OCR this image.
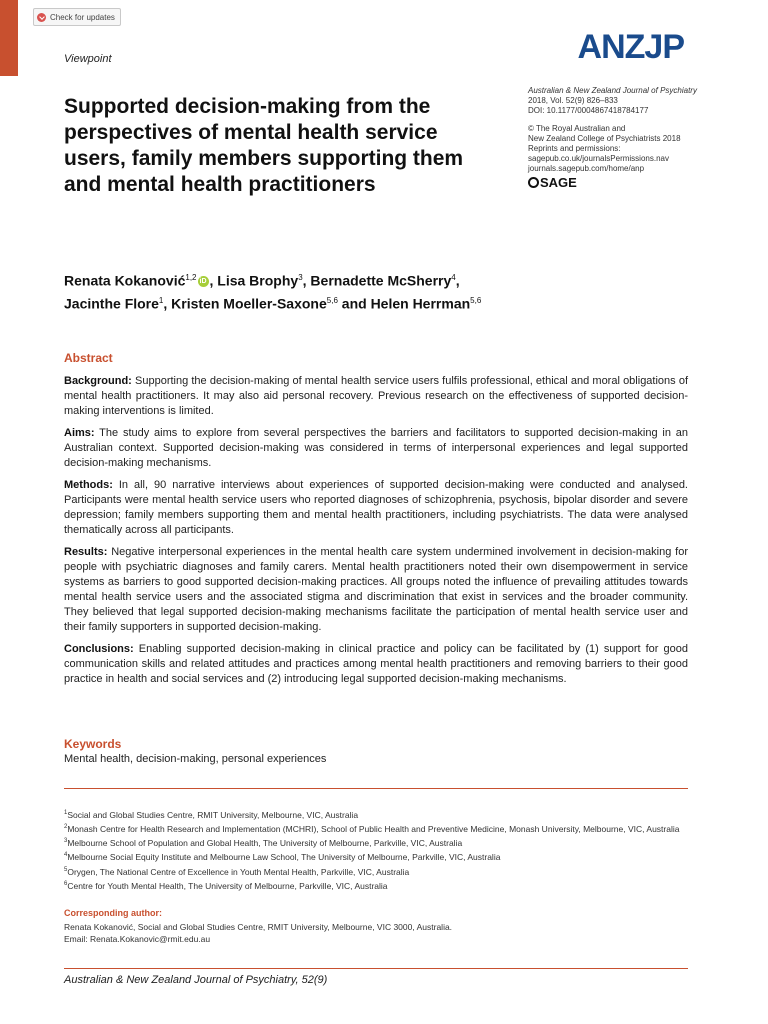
Check for updates
Viewpoint	ANZJP
Australian & New Zealand Journal of Psychiatry
2018, Vol. 52(9) 826–833
DOI: 10.1177/0004867418784177
© The Royal Australian and
New Zealand College of Psychiatrists 2018
Reprints and permissions:
sagepub.co.uk/journalsPermissions.nav
journals.sagepub.com/home/anp
SAGE
Supported decision-making from the perspectives of mental health service users, family members supporting them and mental health practitioners
Renata Kokanović$^{1,2}$ iD , Lisa Brophy$^3$, Bernadette McSherry$^4$,
Jacinthe Flore$^1$, Kristen Moeller-Saxone$^{5,6}$ and Helen Herrman$^{5,6}$
Abstract

Background: Supporting the decision-making of mental health service users fulfils professional, ethical and moral obligations of mental health practitioners. It may also aid personal recovery. Previous research on the effectiveness of supported decision-making interventions is limited.

Aims: The study aims to explore from several perspectives the barriers and facilitators to supported decision-making in an Australian context. Supported decision-making was considered in terms of interpersonal experiences and legal supported decision-making mechanisms.

Methods: In all, 90 narrative interviews about experiences of supported decision-making were conducted and analysed. Participants were mental health service users who reported diagnoses of schizophrenia, psychosis, bipolar disorder and severe depression; family members supporting them and mental health practitioners, including psychiatrists. The data were analysed thematically across all participants.

Results: Negative interpersonal experiences in the mental health care system undermined involvement in decision-making for people with psychiatric diagnoses and family carers. Mental health practitioners noted their own disempowerment in service systems as barriers to good supported decision-making practices. All groups noted the influence of prevailing attitudes towards mental health service users and the associated stigma and discrimination that exist in services and the broader community. They believed that legal supported decision-making mechanisms facilitate the participation of mental health service user and their family supporters in supported decision-making.

Conclusions: Enabling supported decision-making in clinical practice and policy can be facilitated by (1) support for good communication skills and related attitudes and practices among mental health practitioners and removing barriers to their good practice in health and social services and (2) introducing legal supported decision-making mechanisms.

Keywords
Mental health, decision-making, personal experiences
$^1$Social and Global Studies Centre, RMIT University, Melbourne, VIC, Australia
$^2$Monash Centre for Health Research and Implementation (MCHRI), School of Public Health and Preventive Medicine, Monash University, Melbourne, VIC, Australia
$^3$Melbourne School of Population and Global Health, The University of Melbourne, Parkville, VIC, Australia
$^4$Melbourne Social Equity Institute and Melbourne Law School, The University of Melbourne, Parkville, VIC, Australia
$^5$Orygen, The National Centre of Excellence in Youth Mental Health, Parkville, VIC, Australia
$^6$Centre for Youth Mental Health, The University of Melbourne, Parkville, VIC, Australia
Corresponding author:
Renata Kokanović, Social and Global Studies Centre, RMIT University, Melbourne, VIC 3000, Australia.
Email: Renata.Kokanovic@rmit.edu.au
Australian & New Zealand Journal of Psychiatry, 52(9)
